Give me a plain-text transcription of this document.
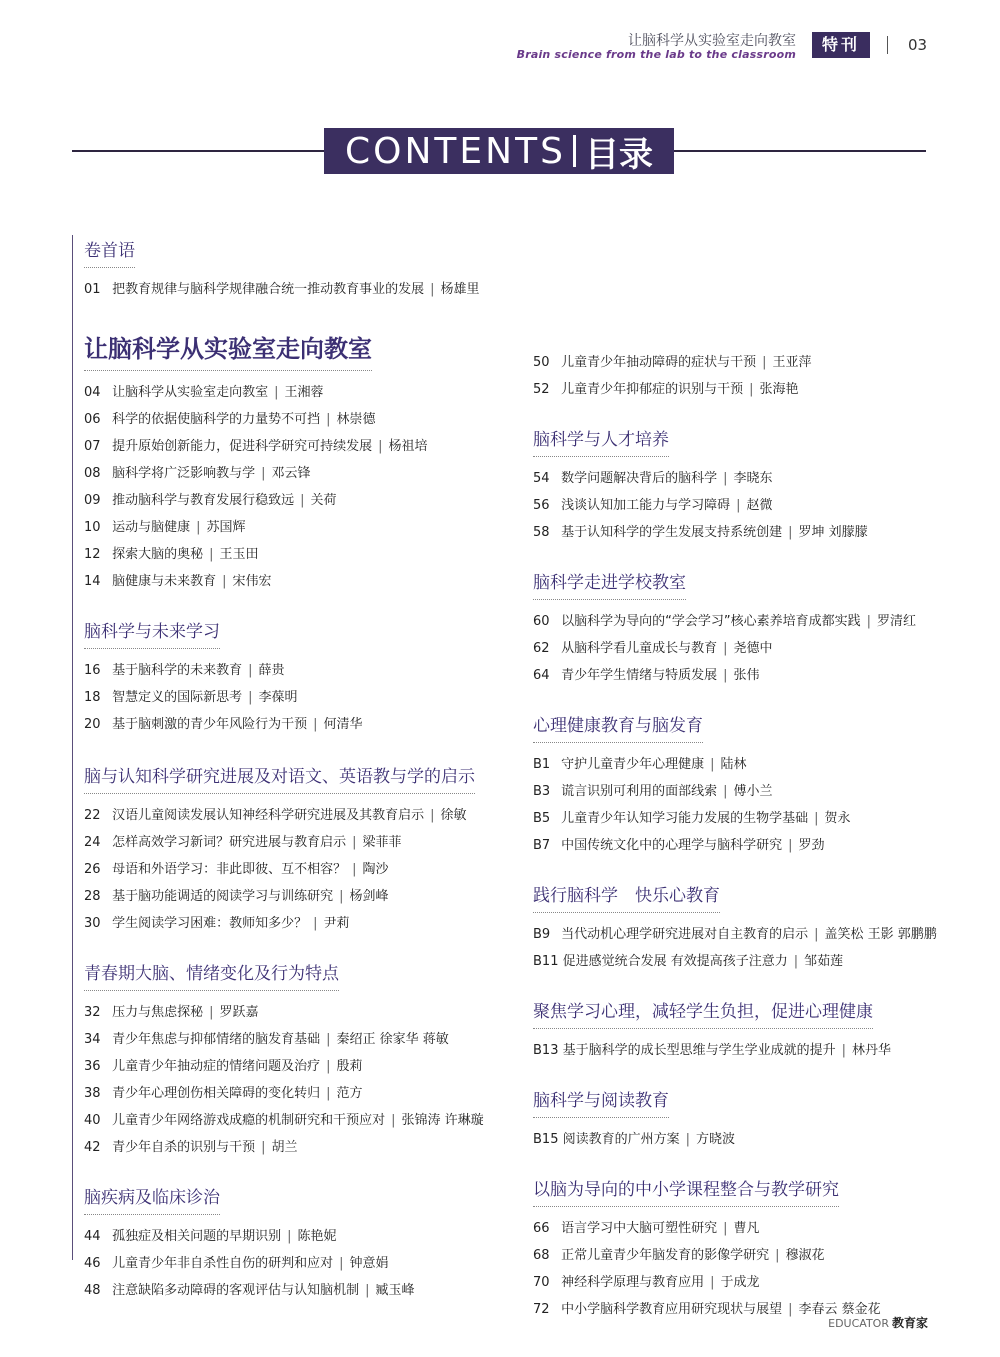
让脑科学从实验室走向教室
Brain science from the lab to the classroom
特刊	03
CONTENTS 目录
卷首语
01 把教育规律与脑科学规律融合统一推动教育事业的发展 | 杨雄里
让脑科学从实验室走向教室
04 让脑科学从实验室走向教室 | 王湘蓉
06 科学的依据使脑科学的力量势不可挡 | 林崇德
07 提升原始创新能力，促进科学研究可持续发展 | 杨祖培
08 脑科学将广泛影响教与学 | 邓云锋
09 推动脑科学与教育发展行稳致远 | 关荷
10 运动与脑健康 | 苏国辉
12 探索大脑的奥秘 | 王玉田
14 脑健康与未来教育 | 宋伟宏
脑科学与未来学习
16 基于脑科学的未来教育 | 薛贵
18 智慧定义的国际新思考 | 李葆明
20 基于脑刺激的青少年风险行为干预 | 何清华
脑与认知科学研究进展及对语文、英语教与学的启示
22 汉语儿童阅读发展认知神经科学研究进展及其教育启示 | 徐敏
24 怎样高效学习新词？研究进展与教育启示 | 梁菲菲
26 母语和外语学习：非此即彼、互不相容？ | 陶沙
28 基于脑功能调适的阅读学习与训练研究 | 杨剑峰
30 学生阅读学习困难：教师知多少？ | 尹莉
青春期大脑、情绪变化及行为特点
32 压力与焦虑探秘 | 罗跃嘉
34 青少年焦虑与抑郁情绪的脑发育基础 | 秦绍正 徐家华 蒋敏
36 儿童青少年抽动症的情绪问题及治疗 | 殷莉
38 青少年心理创伤相关障碍的变化转归 | 范方
40 儿童青少年网络游戏成瘾的机制研究和干预应对 | 张锦涛 许琳璇
42 青少年自杀的识别与干预 | 胡兰
脑疾病及临床诊治
44 孤独症及相关问题的早期识别 | 陈艳妮
46 儿童青少年非自杀性自伤的研判和应对 | 钟意娟
48 注意缺陷多动障碍的客观评估与认知脑机制 | 臧玉峰
50 儿童青少年抽动障碍的症状与干预 | 王亚萍
52 儿童青少年抑郁症的识别与干预 | 张海艳
脑科学与人才培养
54 数学问题解决背后的脑科学 | 李晓东
56 浅谈认知加工能力与学习障碍 | 赵微
58 基于认知科学的学生发展支持系统创建 | 罗坤 刘朦朦
脑科学走进学校教室
60 以脑科学为导向的“学会学习”核心素养培育成都实践 | 罗清红
62 从脑科学看儿童成长与教育 | 尧德中
64 青少年学生情绪与特质发展 | 张伟
心理健康教育与脑发育
B1 守护儿童青少年心理健康 | 陆林
B3 谎言识别可利用的面部线索 | 傅小兰
B5 儿童青少年认知学习能力发展的生物学基础 | 贺永
B7 中国传统文化中的心理学与脑科学研究 | 罗劲
践行脑科学　快乐心教育
B9 当代动机心理学研究进展对自主教育的启示 | 盖笑松 王影 郭鹏鹏
B11 促进感觉统合发展 有效提高孩子注意力 | 邹茹莲
聚焦学习心理，减轻学生负担，促进心理健康
B13 基于脑科学的成长型思维与学生学业成就的提升 | 林丹华
脑科学与阅读教育
B15 阅读教育的广州方案 | 方晓波
以脑为导向的中小学课程整合与教学研究
66 语言学习中大脑可塑性研究 | 曹凡
68 正常儿童青少年脑发育的影像学研究 | 穆淑花
70 神经科学原理与教育应用 | 于成龙
72 中小学脑科学教育应用研究现状与展望 | 李春云 蔡金花
EDUCATOR 教育家
